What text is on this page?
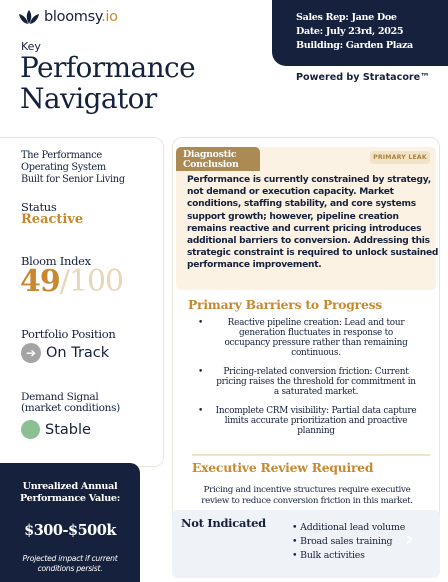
bloomsy.io	Sales Rep: Jane Doe
Date: July 23rd, 2025
Building: Garden Plaza
Powered by Stratacore™
Key
Performance
Navigator
The Performance
Operating System
Built for Senior Living
Status
Reactive
Bloom Index
49/100
Portfolio Position
➔ On Track
Demand Signal
(market conditions)
Stable
Unrealized Annual
Performance Value:
$300-$500k
Projected impact if current
conditions persist.
Diagnostic
Conclusion
PRIMARY LEAK
Performance is currently constrained by strategy,
not demand or execution capacity. Market
conditions, staffing stability, and core systems
support growth; however, pipeline creation
remains reactive and current pricing introduces
additional barriers to conversion. Addressing this
strategic constraint is required to unlock sustained
performance improvement.
Primary Barriers to Progress
• Reactive pipeline creation: Lead and tour
generation fluctuates in response to
occupancy pressure rather than remaining
continuous.
• Pricing-related conversion friction: Current
pricing raises the threshold for commitment in
a saturated market.
• Incomplete CRM visibility: Partial data capture
limits accurate prioritization and proactive
planning
Executive Review Required
Pricing and incentive structures require executive
review to reduce conversion friction in this market.
Not Indicated
•	Additional lead volume
• Broad sales training
• Bulk activities
›
